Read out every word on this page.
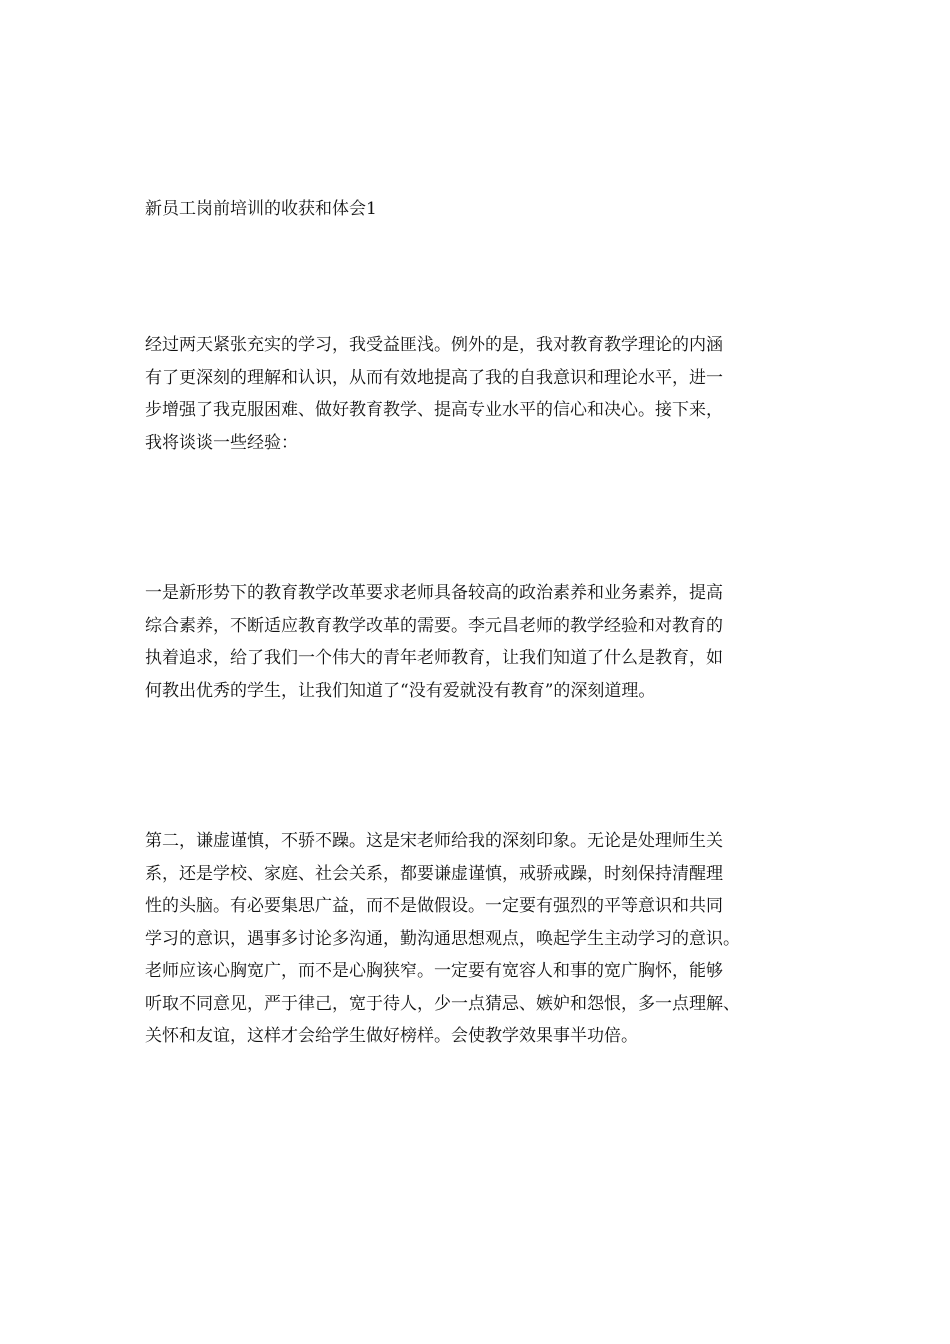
新员工岗前培训的收获和体会1

经过两天紧张充实的学习，我受益匪浅。例外的是，我对教育教学理论的内涵
有了更深刻的理解和认识，从而有效地提高了我的自我意识和理论水平，进一
步增强了我克服困难、做好教育教学、提高专业水平的信心和决心。接下来，
我将谈谈一些经验：

一是新形势下的教育教学改革要求老师具备较高的政治素养和业务素养，提高
综合素养，不断适应教育教学改革的需要。李元昌老师的教学经验和对教育的
执着追求，给了我们一个伟大的青年老师教育，让我们知道了什么是教育，如
何教出优秀的学生，让我们知道了“没有爱就没有教育”的深刻道理。

第二，谦虚谨慎，不骄不躁。这是宋老师给我的深刻印象。无论是处理师生关
系，还是学校、家庭、社会关系，都要谦虚谨慎，戒骄戒躁，时刻保持清醒理
性的头脑。有必要集思广益，而不是做假设。一定要有强烈的平等意识和共同
学习的意识，遇事多讨论多沟通，勤沟通思想观点，唤起学生主动学习的意识。
老师应该心胸宽广，而不是心胸狭窄。一定要有宽容人和事的宽广胸怀，能够
听取不同意见，严于律己，宽于待人，少一点猜忌、嫉妒和怨恨，多一点理解、
关怀和友谊，这样才会给学生做好榜样。会使教学效果事半功倍。
